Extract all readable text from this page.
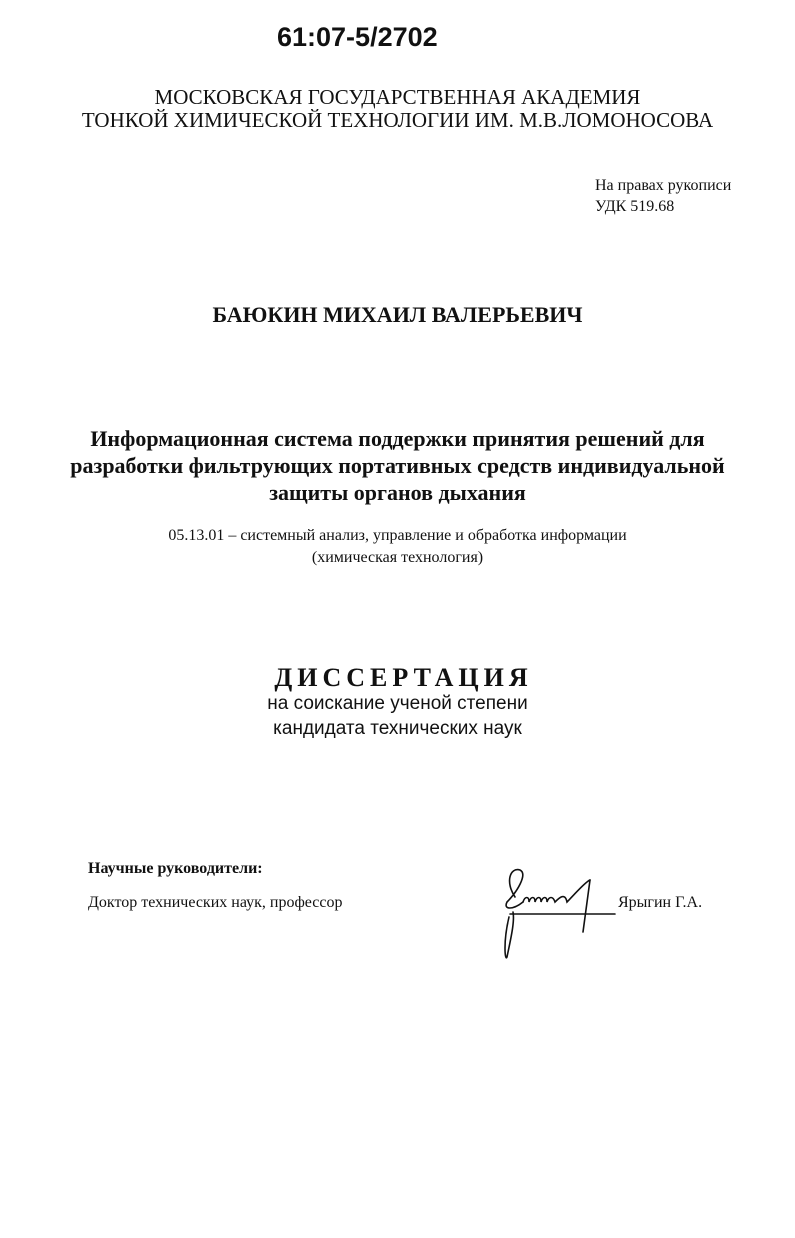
61:07-5/2702
МОСКОВСКАЯ ГОСУДАРСТВЕННАЯ АКАДЕМИЯ
ТОНКОЙ ХИМИЧЕСКОЙ ТЕХНОЛОГИИ ИМ. М.В.ЛОМОНОСОВА
На правах рукописи
УДК 519.68
БАЮКИН МИХАИЛ ВАЛЕРЬЕВИЧ
Информационная система поддержки принятия решений для
разработки фильтрующих портативных средств индивидуальной
защиты органов дыхания
05.13.01 – системный анализ, управление и обработка информации
(химическая технология)
ДИССЕРТАЦИЯ
на соискание ученой степени
кандидата технических наук
Научные руководители:
Доктор технических наук, профессор	Ярыгин Г.А.
